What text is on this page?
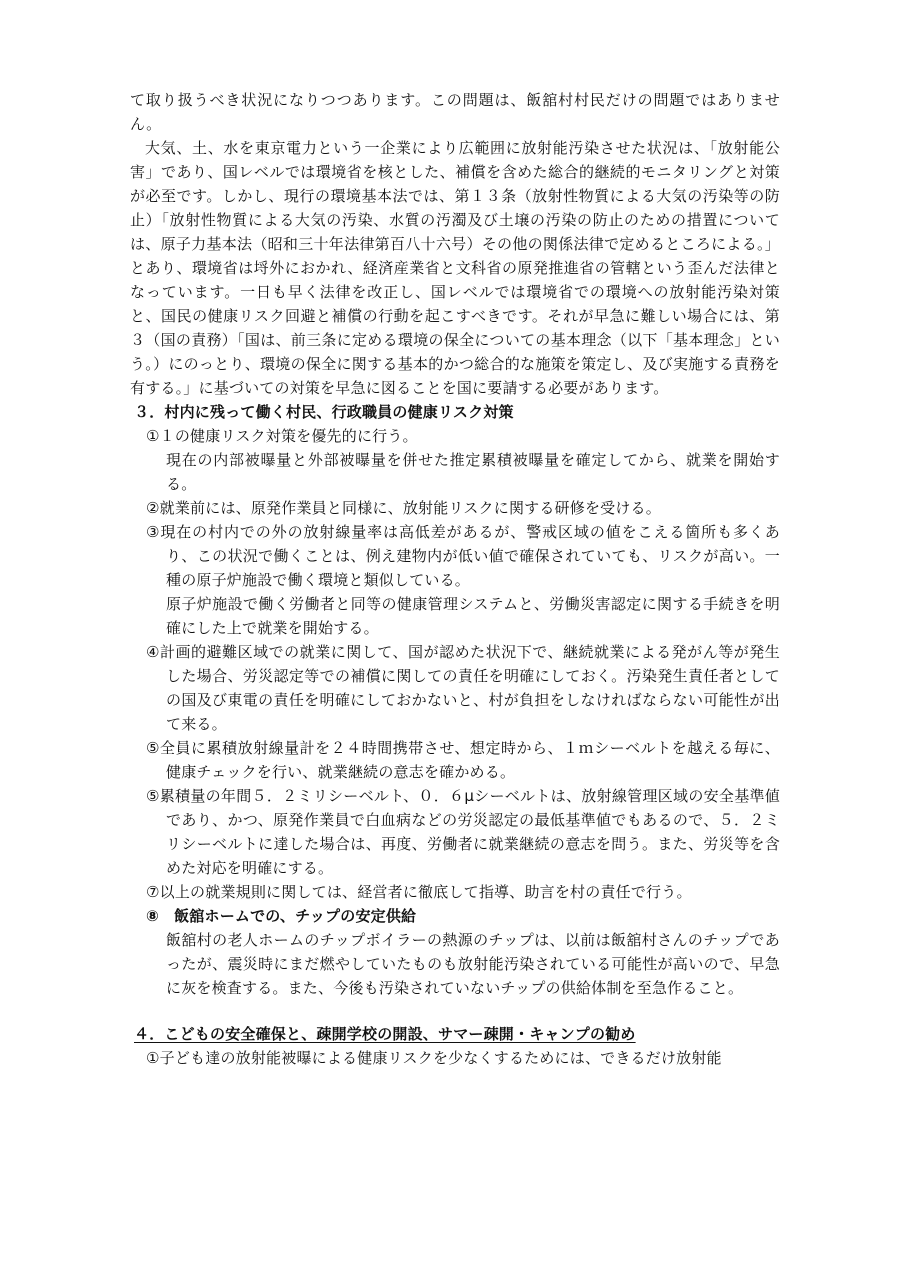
て取り扱うべき状況になりつつあります。この問題は、飯舘村村民だけの問題ではありません。

大気、土、水を東京電力という一企業により広範囲に放射能汚染させた状況は、「放射能公害」であり、国レベルでは環境省を核とした、補償を含めた総合的継続的モニタリングと対策が必至です。しかし、現行の環境基本法では、第１３条（放射性物質による大気の汚染等の防止）「放射性物質による大気の汚染、水質の汚濁及び土壌の汚染の防止のための措置については、原子力基本法（昭和三十年法律第百八十六号）その他の関係法律で定めるところによる。」とあり、環境省は埒外におかれ、経済産業省と文科省の原発推進省の管轄という歪んだ法律となっています。一日も早く法律を改正し、国レベルでは環境省での環境への放射能汚染対策と、国民の健康リスク回避と補償の行動を起こすべきです。それが早急に難しい場合には、第３（国の責務）「国は、前三条に定める環境の保全についての基本理念（以下「基本理念」という。）にのっとり、環境の保全に関する基本的かつ総合的な施策を策定し、及び実施する責務を有する。」に基づいての対策を早急に図ることを国に要請する必要があります。

３．村内に残って働く村民、行政職員の健康リスク対策

①１の健康リスク対策を優先的に行う。

現在の内部被曝量と外部被曝量を併せた推定累積被曝量を確定してから、就業を開始する。

②就業前には、原発作業員と同様に、放射能リスクに関する研修を受ける。

③現在の村内での外の放射線量率は高低差があるが、警戒区域の値をこえる箇所も多くあり、この状況で働くことは、例え建物内が低い値で確保されていても、リスクが高い。一種の原子炉施設で働く環境と類似している。

原子炉施設で働く労働者と同等の健康管理システムと、労働災害認定に関する手続きを明確にした上で就業を開始する。

④計画的避難区域での就業に関して、国が認めた状況下で、継続就業による発がん等が発生した場合、労災認定等での補償に関しての責任を明確にしておく。汚染発生責任者としての国及び東電の責任を明確にしておかないと、村が負担をしなければならない可能性が出て来る。

⑤全員に累積放射線量計を２４時間携帯させ、想定時から、１ｍシーベルトを越える毎に、健康チェックを行い、就業継続の意志を確かめる。

⑤累積量の年間５．２ミリシーベルト、０．６μシーベルトは、放射線管理区域の安全基準値であり、かつ、原発作業員で白血病などの労災認定の最低基準値でもあるので、５．２ミリシーベルトに達した場合は、再度、労働者に就業継続の意志を問う。また、労災等を含めた対応を明確にする。

⑦以上の就業規則に関しては、経営者に徹底して指導、助言を村の責任で行う。

⑧　飯舘ホームでの、チップの安定供給

飯舘村の老人ホームのチップボイラーの熱源のチップは、以前は飯舘村さんのチップであったが、震災時にまだ燃やしていたものも放射能汚染されている可能性が高いので、早急に灰を検査する。また、今後も汚染されていないチップの供給体制を至急作ること。

４．こどもの安全確保と、疎開学校の開設、サマー疎開・キャンプの勧め

①子ども達の放射能被曝による健康リスクを少なくするためには、できるだけ放射能
